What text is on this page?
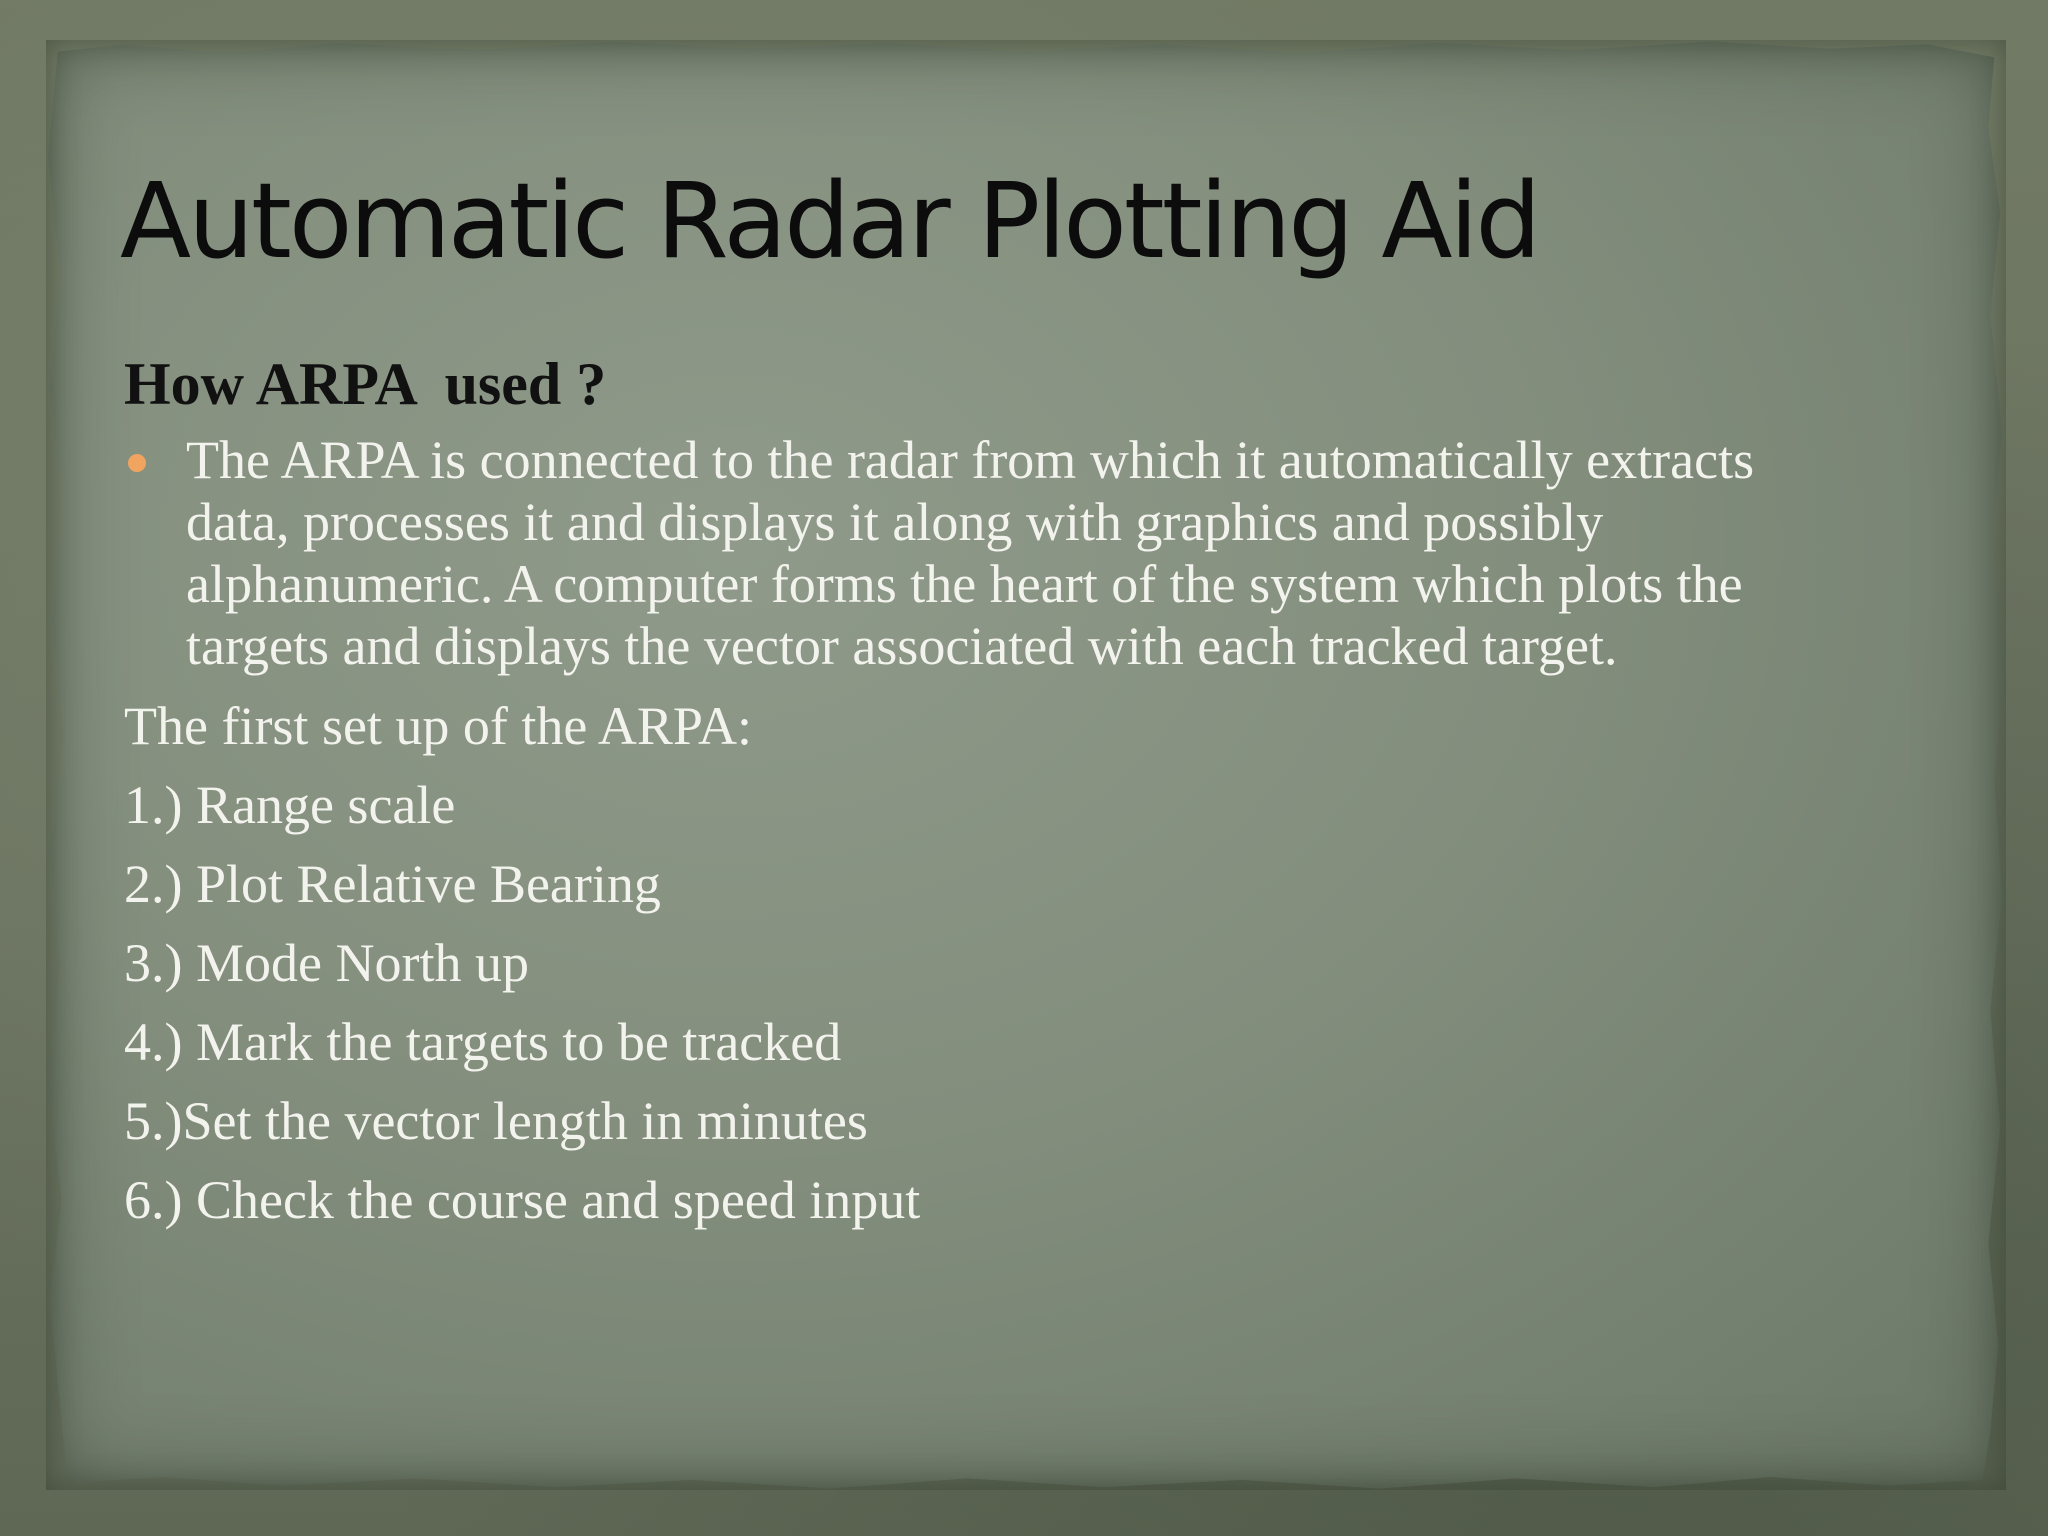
Automatic Radar Plotting Aid
How ARPA  used ?
The ARPA is connected to the radar from which it automatically extracts data, processes it and displays it along with graphics and possibly alphanumeric. A computer forms the heart of the system which plots the targets and displays the vector associated with each tracked target.
The first set up of the ARPA:
1.) Range scale
2.) Plot Relative Bearing
3.) Mode North up
4.) Mark the targets to be tracked
5.)Set the vector length in minutes
6.) Check the course and speed input
